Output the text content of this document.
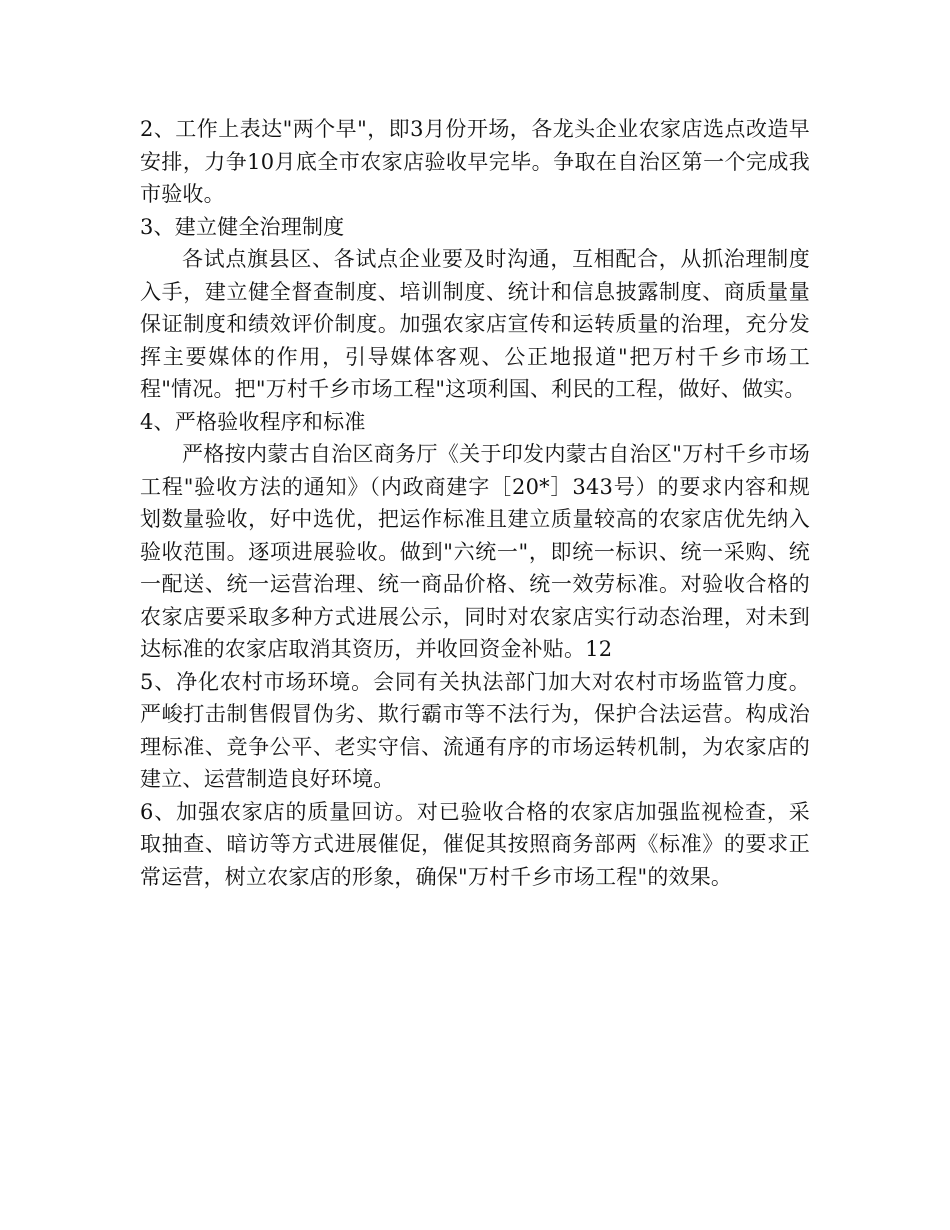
2、工作上表达"两个早"，即3月份开场，各龙头企业农家店选点改造早安排，力争10月底全市农家店验收早完毕。争取在自治区第一个完成我市验收。

3、建立健全治理制度

各试点旗县区、各试点企业要及时沟通，互相配合，从抓治理制度入手，建立健全督查制度、培训制度、统计和信息披露制度、商质量量保证制度和绩效评价制度。加强农家店宣传和运转质量的治理，充分发挥主要媒体的作用，引导媒体客观、公正地报道"把万村千乡市场工程"情况。把"万村千乡市场工程"这项利国、利民的工程，做好、做实。

4、严格验收程序和标准

严格按内蒙古自治区商务厅《关于印发内蒙古自治区"万村千乡市场工程"验收方法的通知》（内政商建字［20*］343号）的要求内容和规划数量验收，好中选优，把运作标准且建立质量较高的农家店优先纳入验收范围。逐项进展验收。做到"六统一"，即统一标识、统一采购、统一配送、统一运营治理、统一商品价格、统一效劳标准。对验收合格的农家店要采取多种方式进展公示，同时对农家店实行动态治理，对未到达标准的农家店取消其资历，并收回资金补贴。12

5、净化农村市场环境。会同有关执法部门加大对农村市场监管力度。严峻打击制售假冒伪劣、欺行霸市等不法行为，保护合法运营。构成治理标准、竞争公平、老实守信、流通有序的市场运转机制，为农家店的建立、运营制造良好环境。

6、加强农家店的质量回访。对已验收合格的农家店加强监视检查，采取抽查、暗访等方式进展催促，催促其按照商务部两《标准》的要求正常运营，树立农家店的形象，确保"万村千乡市场工程"的效果。
